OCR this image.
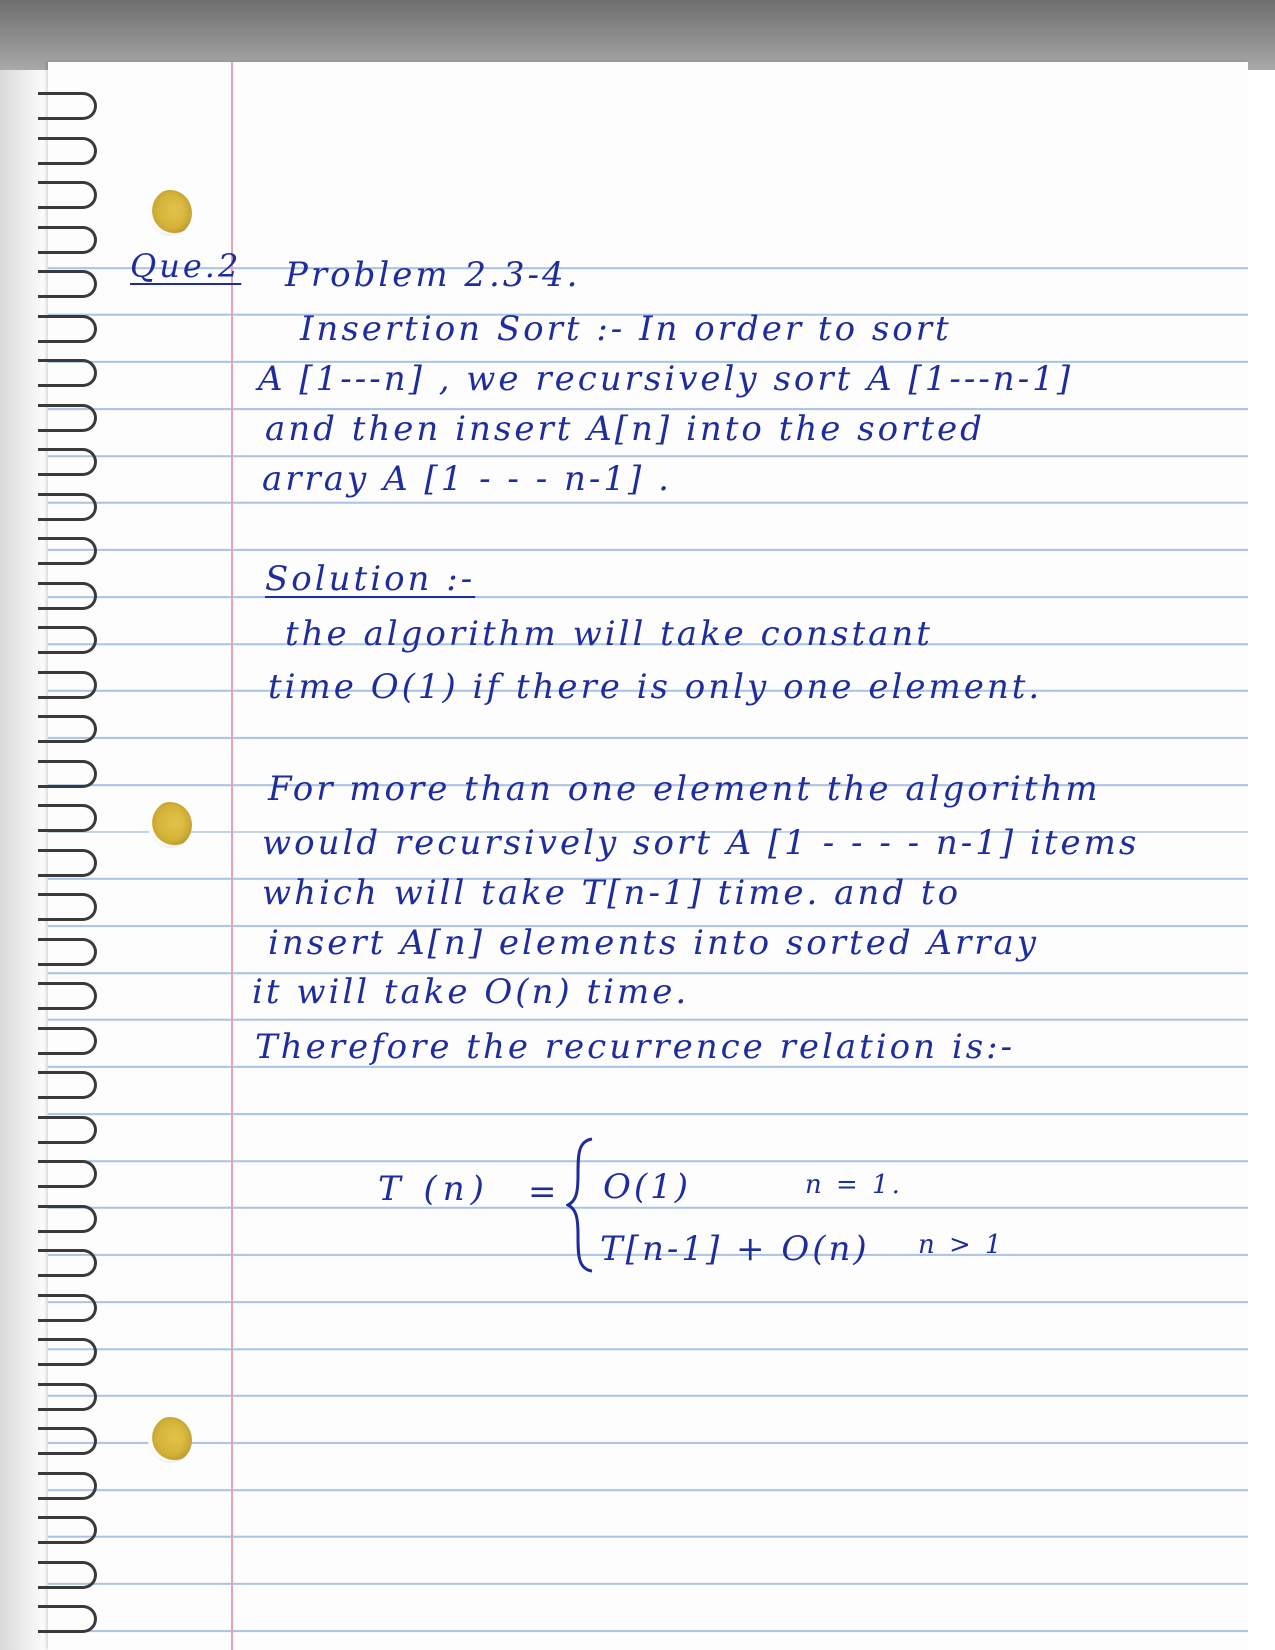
Que.2 Problem 2.3-4.
Insertion Sort :- In order to sort
A [1---n] , we recursively sort A [1---n-1]
and then insert A[n] into the sorted
array A [1 - - - n-1] .
Solution :-
the algorithm will take constant
time O(1) if there is only one element.
For more than one element the algorithm
would recursively sort A [1 - - - - n-1] items
which will take T[n-1] time. and to
insert A[n] elements into sorted Array
it will take O(n) time.
Therefore the recurrence relation is:-
T (n) = O(1)	n = 1.
T[n-1] + O(n) n > 1
